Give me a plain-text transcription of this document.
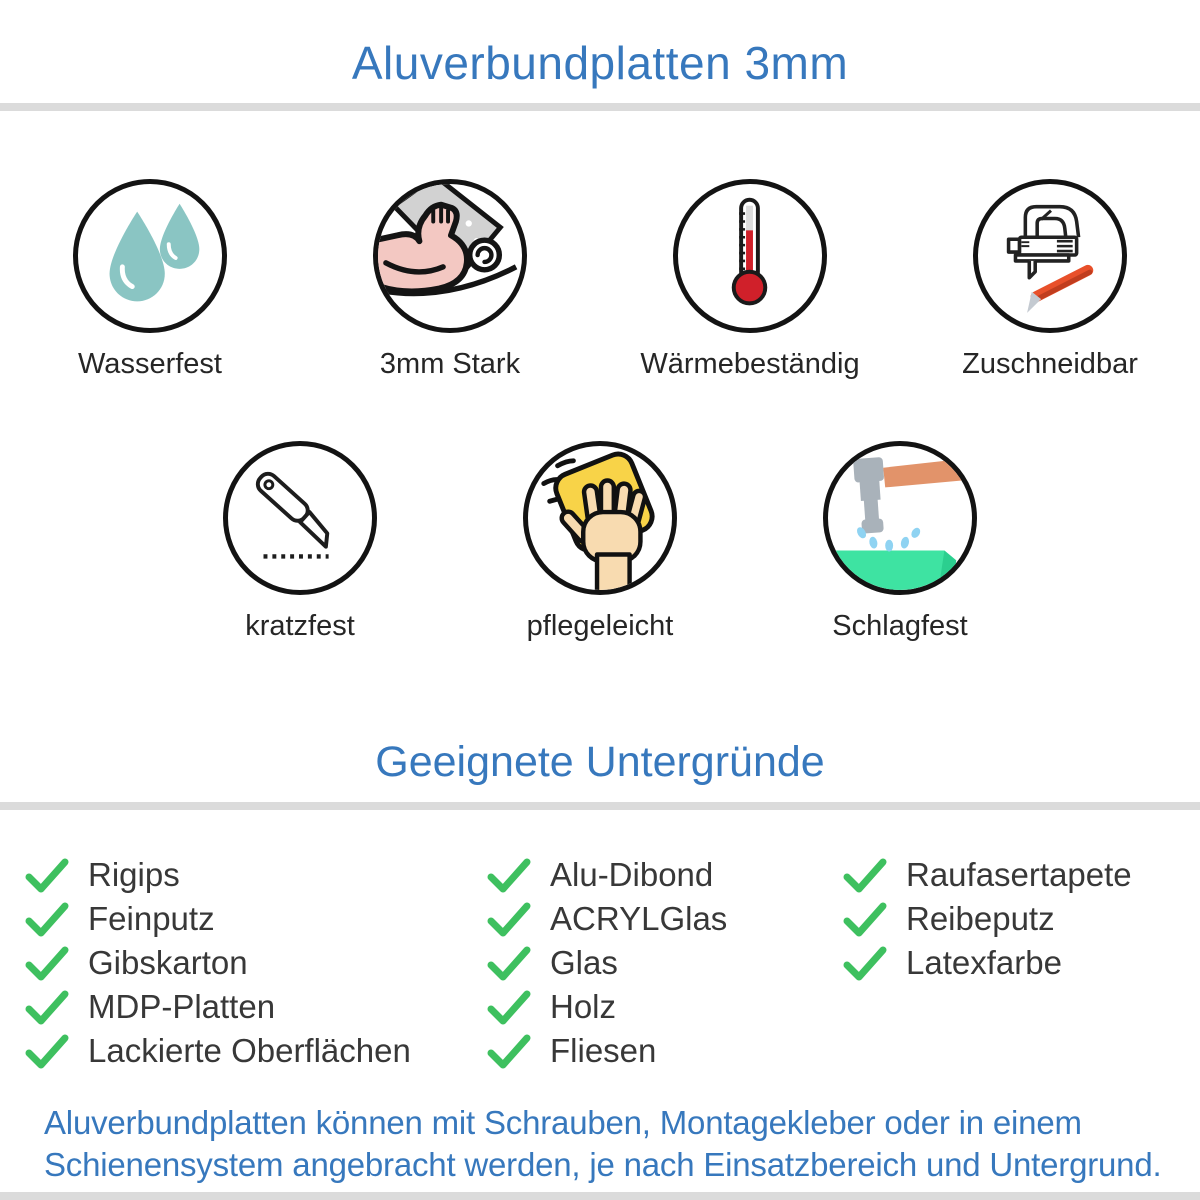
Aluverbundplatten 3mm
Wasserfest	3mm Stark	Wärmebeständig	Zuschneidbar
kratzfest	pflegeleicht	Schlagfest
Geeignete Untergründe
Rigips
Feinputz
Gibskarton
MDP-Platten
Lackierte Oberflächen
Alu-Dibond
ACRYLGlas
Glas
Holz
Fliesen
Raufasertapete
Reibeputz
Latexfarbe

Aluverbundplatten können mit Schrauben, Montagekleber oder in einem Schienensystem angebracht werden, je nach Einsatzbereich und Untergrund.
